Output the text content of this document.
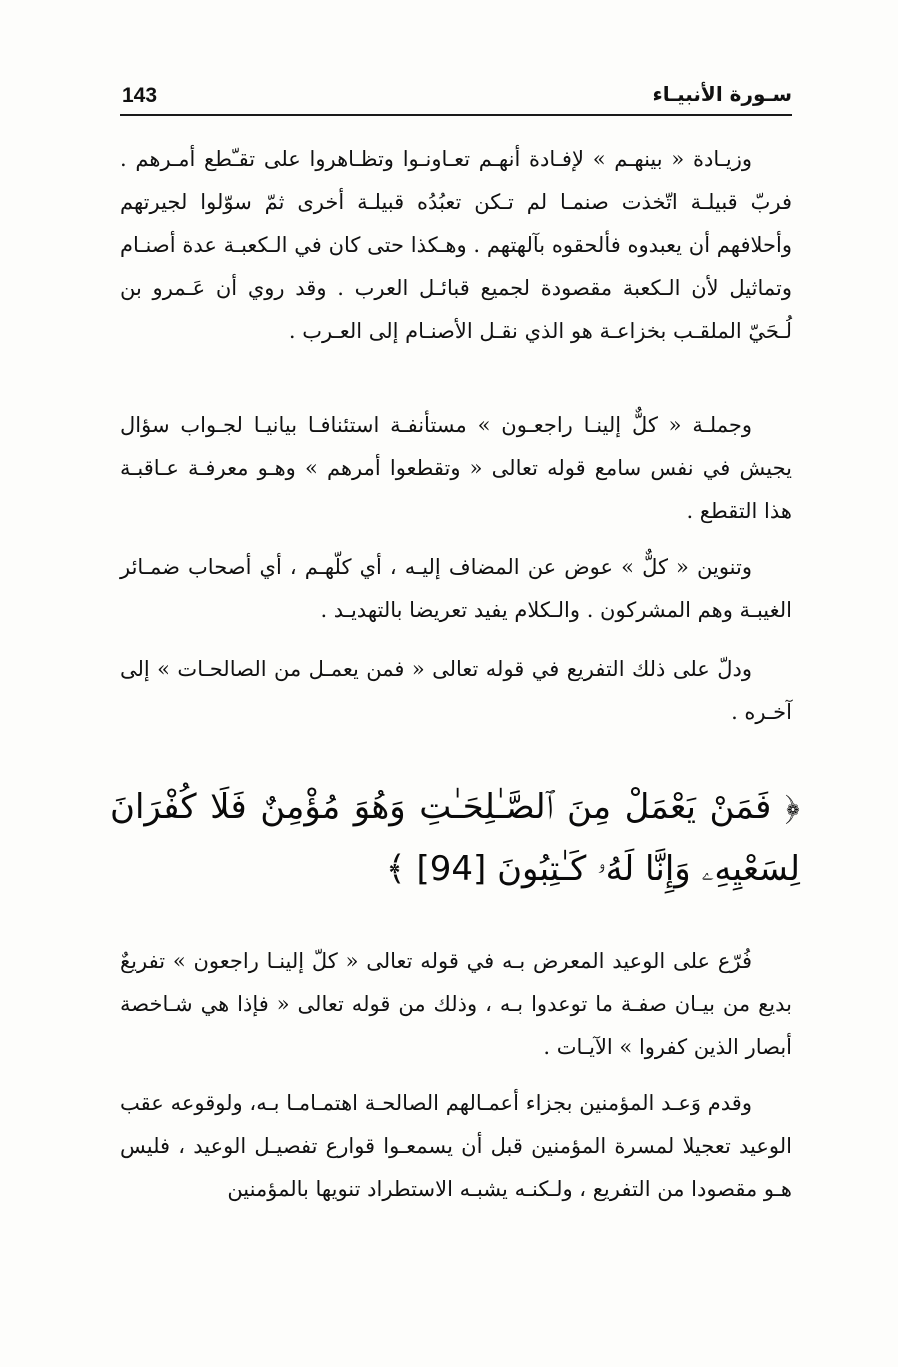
143	سـورة الأنبيـاء

وزيـادة « بينهـم » لإفـادة أنهـم تعـاونـوا وتظـاهروا على تقـّطع أمـرهم . فربّ قبيلـة اتّخذت صنمـا لم تـكن تعبُدُه قبيلـة أخرى ثمّ سوّلوا لجيرتهم وأحلافهم أن يعبدوه فألحقوه بآلهتهم . وهـكذا حتى كان في الـكعبـة عدة أصنـام وتماثيل لأن الـكعبة مقصودة لجميع قبائـل العرب . وقد روي أن عَـمرو بن لُـحَيّ الملقـب بخزاعـة هو الذي نقـل الأصنـام إلى العـرب .

وجملـة « كلٌّ إلينـا راجعـون » مستأنفـة استئنافـا بيانيـا لجـواب سؤال يجيش في نفس سامع قوله تعالى « وتقطعوا أمرهم » وهـو معرفـة عـاقبـة هذا التقطع .

وتنوين « كلٌّ » عوض عن المضاف إليـه ، أي كلّهـم ، أي أصحاب ضمـائر الغيبـة وهم المشركون . والـكلام يفيد تعريضا بالتهديـد .

ودلّ على ذلك التفريع في قوله تعالى « فمن يعمـل من الصالحـات » إلى آخـره .

﴿ فَمَنْ يَعْمَلْ مِنَ ٱلصَّـٰلِحَـٰتِ وَهُوَ مُؤْمِنٌ فَلَا كُفْرَانَ لِسَعْيِهِۦ وَإِنَّا لَهُۥ كَـٰتِبُونَ [94] ﴾

فُرّع على الوعيد المعرض بـه في قوله تعالى « كلّ إلينـا راجعون » تفريعٌ بديع من بيـان صفـة ما توعدوا بـه ، وذلك من قوله تعالى « فإذا هي شـاخصة أبصار الذين كفروا » الآيـات .

وقدم وَعـد المؤمنين بجزاء أعمـالهم الصالحـة اهتمـامـا بـه، ولوقوعه عقب الوعيد تعجيلا لمسرة المؤمنين قبل أن يسمعـوا قوارع تفصيـل الوعيد ، فليس هـو مقصودا من التفريع ، ولـكنـه يشبـه الاستطراد تنويها بالمؤمنين
